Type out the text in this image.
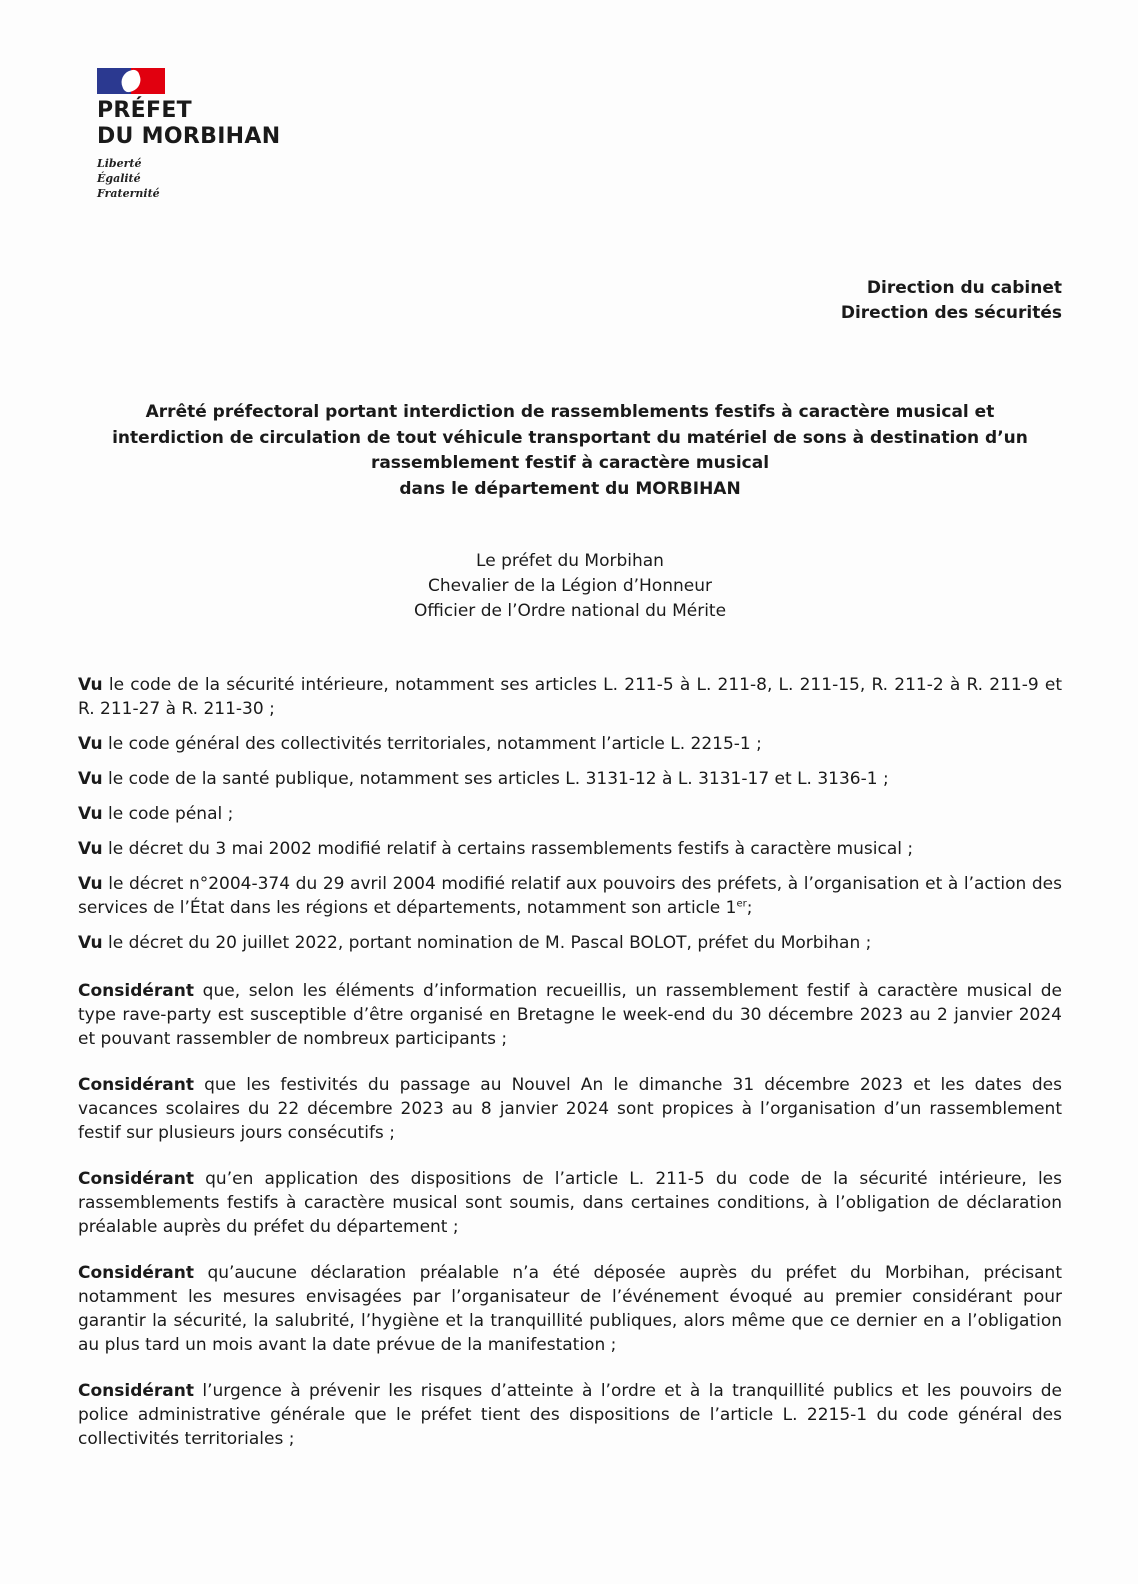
PRÉFET
DU MORBIHAN
Liberté
Égalité
Fraternité
Direction du cabinet
Direction des sécurités
Arrêté préfectoral portant interdiction de rassemblements festifs à caractère musical et
interdiction de circulation de tout véhicule transportant du matériel de sons à destination d’un
rassemblement festif à caractère musical
dans le département du MORBIHAN
Le préfet du Morbihan
Chevalier de la Légion d’Honneur
Officier de l’Ordre national du Mérite

Vu le code de la sécurité intérieure, notamment ses articles L. 211-5 à L. 211-8, L. 211-15, R. 211-2 à R. 211-9 et R. 211-27 à R. 211-30 ;

Vu le code général des collectivités territoriales, notamment l’article L. 2215-1 ;

Vu le code de la santé publique, notamment ses articles L. 3131-12 à L. 3131-17 et L. 3136-1 ;

Vu le code pénal ;

Vu le décret du 3 mai 2002 modifié relatif à certains rassemblements festifs à caractère musical ;

Vu le décret n°2004-374 du 29 avril 2004 modifié relatif aux pouvoirs des préfets, à l’organisation et à l’action des services de l’État dans les régions et départements, notamment son article 1er;

Vu le décret du 20 juillet 2022, portant nomination de M. Pascal BOLOT, préfet du Morbihan ;

Considérant que, selon les éléments d’information recueillis, un rassemblement festif à caractère musical de type rave-party est susceptible d’être organisé en Bretagne le week-end du 30 décembre 2023 au 2 janvier 2024 et pouvant rassembler de nombreux participants ;

Considérant que les festivités du passage au Nouvel An le dimanche 31 décembre 2023 et les dates des vacances scolaires du 22 décembre 2023 au 8 janvier 2024 sont propices à l’organisation d’un rassemblement festif sur plusieurs jours consécutifs ;

Considérant qu’en application des dispositions de l’article L. 211-5 du code de la sécurité intérieure, les rassemblements festifs à caractère musical sont soumis, dans certaines conditions, à l’obligation de déclaration préalable auprès du préfet du département ;

Considérant qu’aucune déclaration préalable n’a été déposée auprès du préfet du Morbihan, précisant notamment les mesures envisagées par l’organisateur de l’événement évoqué au premier considérant pour garantir la sécurité, la salubrité, l’hygiène et la tranquillité publiques, alors même que ce dernier en a l’obligation au plus tard un mois avant la date prévue de la manifestation ;

Considérant l’urgence à prévenir les risques d’atteinte à l’ordre et à la tranquillité publics et les pouvoirs de police administrative générale que le préfet tient des dispositions de l’article L. 2215-1 du code général des collectivités territoriales ;
